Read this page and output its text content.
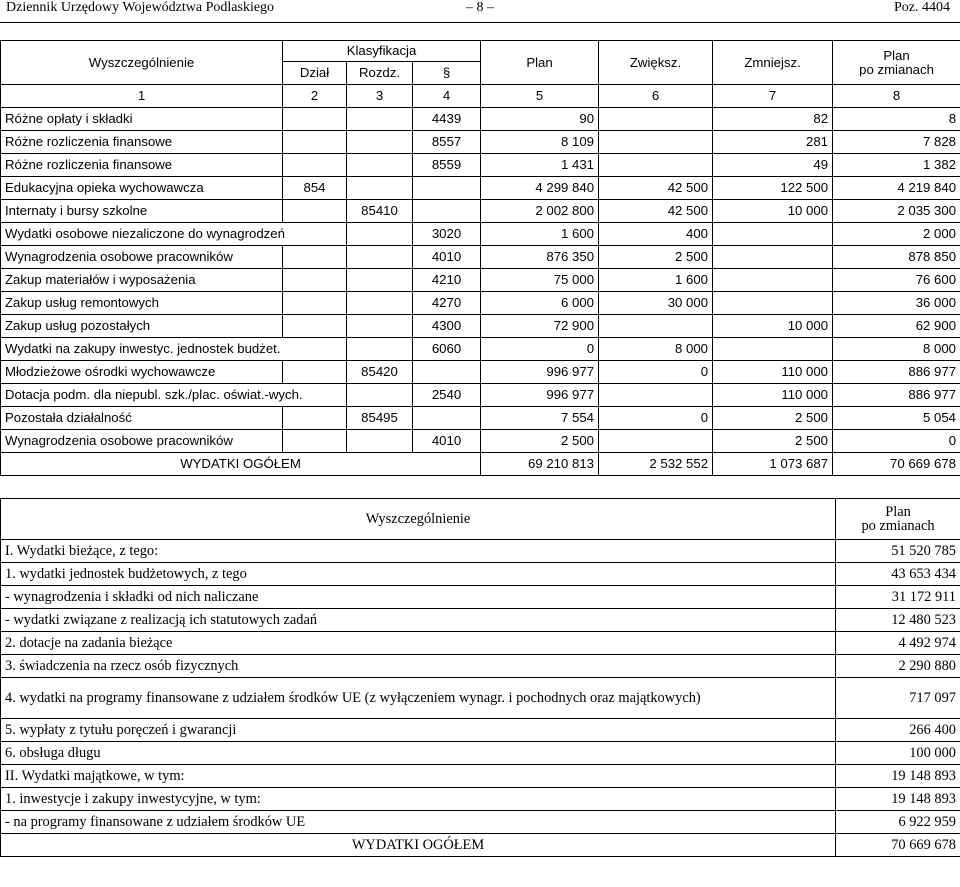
Dziennik Urzędowy Województwa Podlaskiego	– 8 –	Poz. 4404
Wyszczególnienie	Klasyfikacja			Plan	Zwiększ.	Zmniejsz.	Plan
po zmianach

	Dział	Rozdz.	§				
1	2	3	4	5	6	7	8
Różne opłaty i składki			4439	90		82	8
Różne rozliczenia finansowe			8557	8 109		281	7 828
Różne rozliczenia finansowe			8559	1 431		49	1 382
Edukacyjna opieka wychowawcza	854			4 299 840	42 500	122 500	4 219 840
Internaty i bursy szkolne		85410		2 002 800	42 500	10 000	2 035 300
Wydatki osobowe niezaliczone do wynagrodzeń			3020	1 600	400		2 000
Wynagrodzenia osobowe pracowników			4010	876 350	2 500		878 850
Zakup materiałów i wyposażenia			4210	75 000	1 600		76 600
Zakup usług remontowych			4270	6 000	30 000		36 000
Zakup usług pozostałych			4300	72 900		10 000	62 900
Wydatki na zakupy inwestyc. jednostek budżet.			6060	0	8 000		8 000
Młodzieżowe ośrodki wychowawcze		85420		996 977	0	110 000	886 977
Dotacja podm. dla niepubl. szk./plac. oświat.-wych.			2540	996 977		110 000	886 977
Pozostała działalność		85495		7 554	0	2 500	5 054
Wynagrodzenia osobowe pracowników			4010	2 500		2 500	0
WYDATKI OGÓŁEM				69 210 813	2 532 552	1 073 687	70 669 678
Wyszczególnienie	Plan
po zmianach

I. Wydatki bieżące, z tego:	51 520 785
1. wydatki jednostek budżetowych, z tego	43 653 434
- wynagrodzenia i składki od nich naliczane	31 172 911
- wydatki związane z realizacją ich statutowych zadań	12 480 523
2. dotacje na zadania bieżące	4 492 974
3. świadczenia na rzecz osób fizycznych	2 290 880
4. wydatki na programy finansowane z udziałem środków UE (z wyłączeniem wynagr. i pochodnych oraz majątkowych)	717 097
5. wypłaty z tytułu poręczeń i gwarancji	266 400
6. obsługa długu	100 000
II. Wydatki majątkowe, w tym:	19 148 893
1. inwestycje i zakupy inwestycyjne, w tym:	19 148 893
- na programy finansowane z udziałem środków UE	6 922 959
WYDATKI OGÓŁEM	70 669 678
